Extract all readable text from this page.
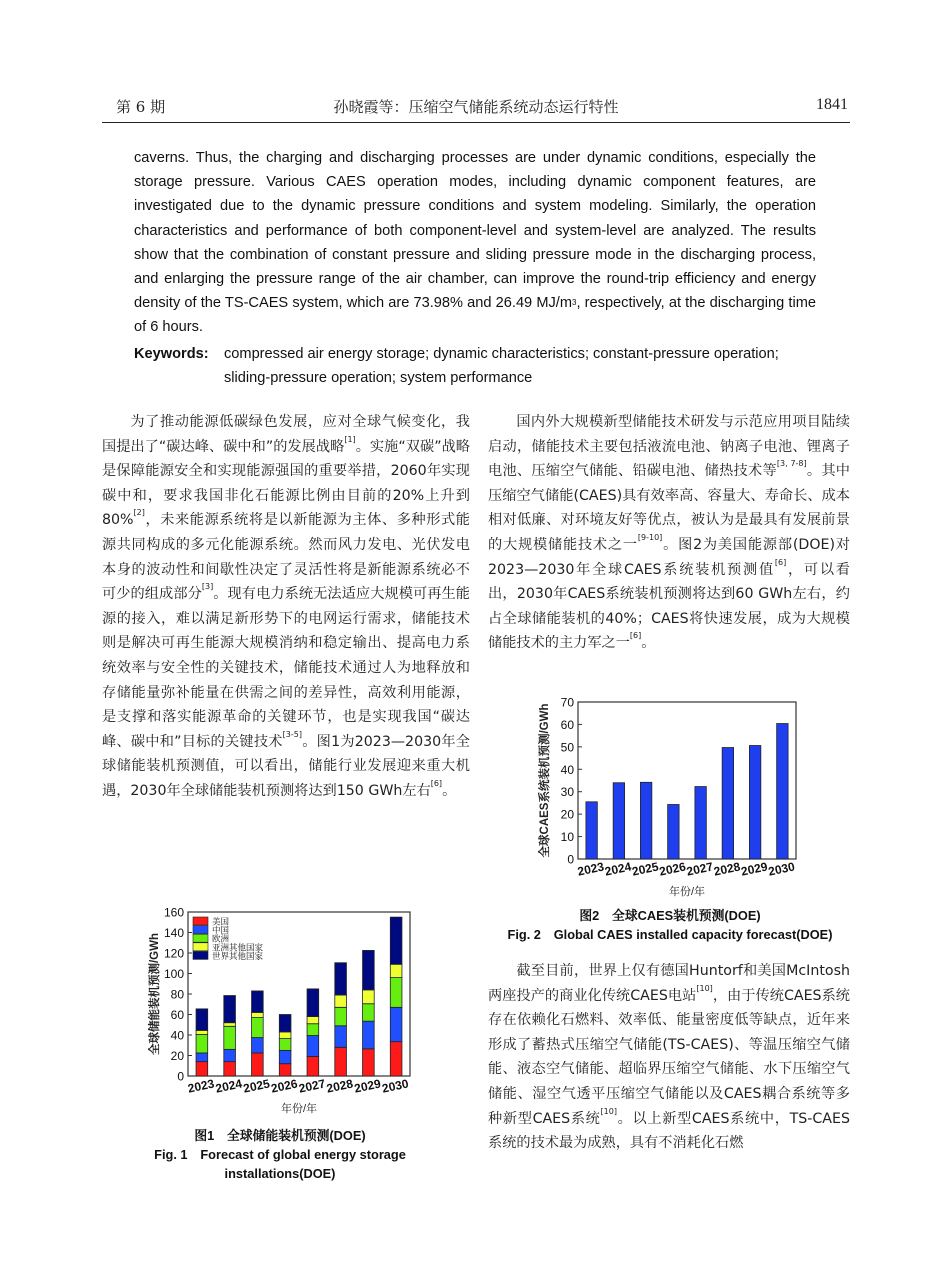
第 6 期	孙晓霞等：压缩空气储能系统动态运行特性	1841

caverns. Thus, the charging and discharging processes are under dynamic conditions, especially the storage pressure. Various CAES operation modes, including dynamic component features, are investigated due to the dynamic pressure conditions and system modeling. Similarly, the operation characteristics and performance of both component-level and system-level are analyzed. The results show that the combination of constant pressure and sliding pressure mode in the discharging process, and enlarging the pressure range of the air chamber, can improve the round-trip efficiency and energy density of the TS-CAES system, which are 73.98% and 26.49 $MJ/m^3$, respectively, at the discharging time of 6 hours.

Keywords: compressed air energy storage; dynamic characteristics; constant-pressure operation; sliding-pressure operation; system performance

为了推动能源低碳绿色发展，应对全球气候变化，我国提出了“碳达峰、碳中和”的发展战略[1]。实施“双碳”战略是保障能源安全和实现能源强国的重要举措，2060年实现碳中和，要求我国非化石能源比例由目前的20%上升到80%[2]，未来能源系统将是以新能源为主体、多种形式能源共同构成的多元化能源系统。然而风力发电、光伏发电本身的波动性和间歇性决定了灵活性将是新能源系统必不可少的组成部分[3]。现有电力系统无法适应大规模可再生能源的接入，难以满足新形势下的电网运行需求，储能技术则是解决可再生能源大规模消纳和稳定输出、提高电力系统效率与安全性的关键技术，储能技术通过人为地释放和存储能量弥补能量在供需之间的差异性，高效利用能源，是支撑和落实能源革命的关键环节，也是实现我国“碳达峰、碳中和”目标的关键技术[3-5]。图1为2023—2030年全球储能装机预测值，可以看出，储能行业发展迎来重大机遇，2030年全球储能装机预测将达到150 GWh左右[6]。

国内外大规模新型储能技术研发与示范应用项目陆续启动，储能技术主要包括液流电池、钠离子电池、锂离子电池、压缩空气储能、铅碳电池、储热技术等[3, 7-8]。其中压缩空气储能(CAES)具有效率高、容量大、寿命长、成本相对低廉、对环境友好等优点，被认为是最具有发展前景的大规模储能技术之一[9-10]。图2为美国能源部(DOE)对2023—2030年全球CAES系统装机预测值[6]，可以看出，2030年CAES系统装机预测将达到60 GWh左右，约占全球储能装机的40%；CAES将快速发展，成为大规模储能技术的主力军之一[6]。

0
10
20
30
40
50
60
70
2023
2024
2025
2026
2027
2028
2029
2030
年份/年
全球CAES系统装机预测/GWh
图2　全球CAES装机预测(DOE)
Fig. 2　Global CAES installed capacity forecast(DOE)

截至目前，世界上仅有德国Huntorf和美国McIntosh两座投产的商业化传统CAES电站[10]，由于传统CAES系统存在依赖化石燃料、效率低、能量密度低等缺点，近年来形成了蓄热式压缩空气储能(TS-CAES)、等温压缩空气储能、液态空气储能、超临界压缩空气储能、水下压缩空气储能、湿空气透平压缩空气储能以及CAES耦合系统等多种新型CAES系统[10]。以上新型CAES系统中，TS-CAES系统的技术最为成熟，具有不消耗化石燃

0
20
40
60
80
100
120
140
160
2023
2024
2025
2026
2027
2028
2029
2030
年份/年
全球储能装机预测/GWh
美国
中国
欧洲
亚洲其他国家
世界其他国家
图1　全球储能装机预测(DOE)
Fig. 1　Forecast of global energy storage
installations(DOE)
